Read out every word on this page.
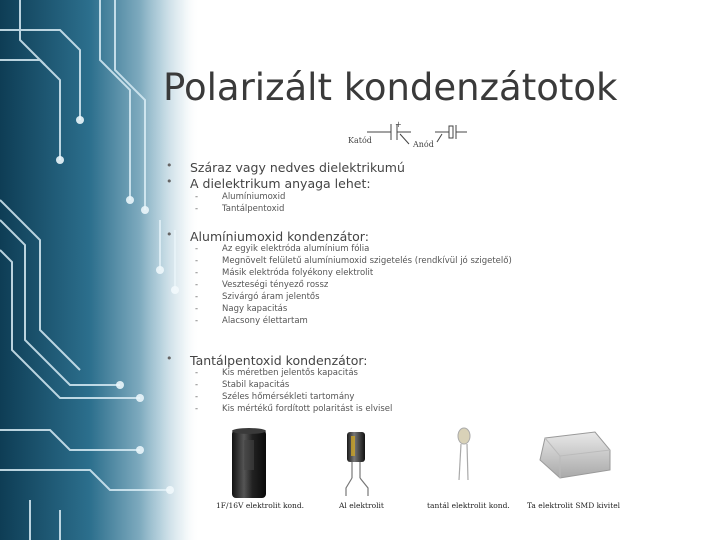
Polarizált kondenzátotok
+
Katód	Anód
• Száraz vagy nedves dielektrikumú
• A dielektrikum anyaga lehet:
-	Alumíniumoxid
-	Tantálpentoxid
• Alumíniumoxid kondenzátor:
-	Az egyik elektróda alumínium fólia
-	Megnövelt felületű alumíniumoxid szigetelés (rendkívül jó szigetelő)
-	Másik elektróda folyékony elektrolit
-	Veszteségi tényező rossz
-	Szivárgó áram jelentős
-	Nagy kapacitás
-	Alacsony élettartam
• Tantálpentoxid kondenzátor:
-	Kis méretben jelentős kapacitás
-	Stabil kapacitás
-	Széles hőmérsékleti tartomány
-	Kis mértékű fordított polaritást is elvisel
1F/16V elektrolit kond.	Al elektrolit	tantál elektrolit kond. Ta elektrolit SMD kivitel
